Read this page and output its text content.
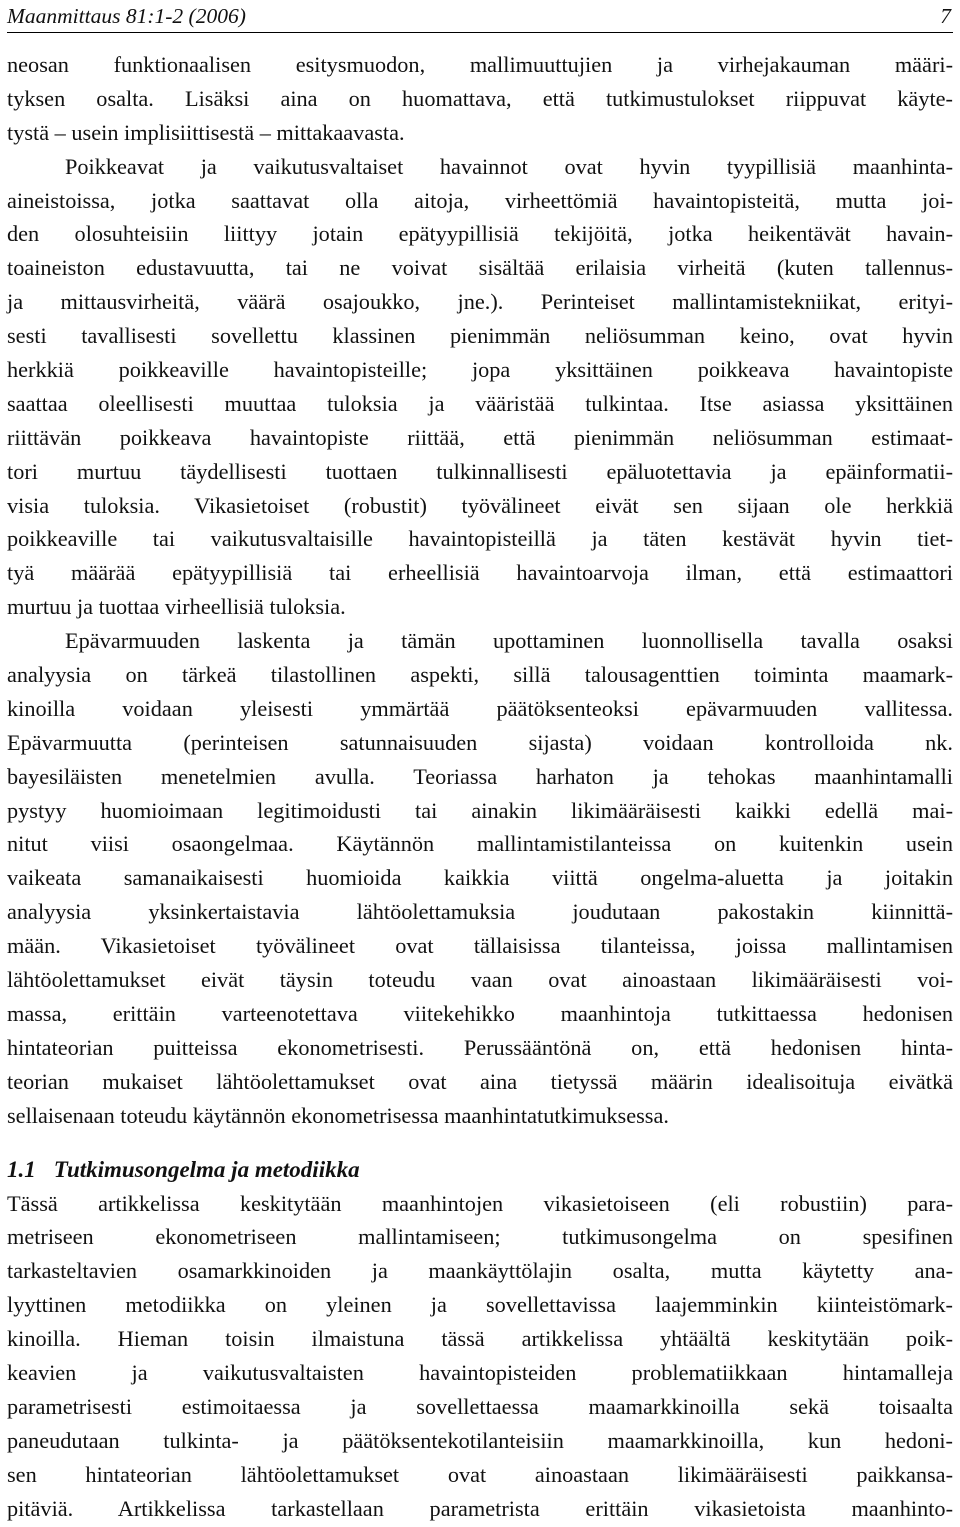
Maanmittaus 81:1-2 (2006)	7
neosan funktionaalisen esitysmuodon, mallimuuttujien ja virhejakauman määri-
tyksen osalta. Lisäksi aina on huomattava, että tutkimustulokset riippuvat käyte-
tystä – usein implisiittisestä – mittakaavasta.
Poikkeavat ja vaikutusvaltaiset havainnot ovat hyvin tyypillisiä maanhinta-
aineistoissa, jotka saattavat olla aitoja, virheettömiä havaintopisteitä, mutta joi-
den olosuhteisiin liittyy jotain epätyypillisiä tekijöitä, jotka heikentävät havain-
toaineiston edustavuutta, tai ne voivat sisältää erilaisia virheitä (kuten tallennus-
ja mittausvirheitä, väärä osajoukko, jne.). Perinteiset mallintamistekniikat, erityi-
sesti tavallisesti sovellettu klassinen pienimmän neliösumman keino, ovat hyvin
herkkiä poikkeaville havaintopisteille; jopa yksittäinen poikkeava havaintopiste
saattaa oleellisesti muuttaa tuloksia ja vääristää tulkintaa. Itse asiassa yksittäinen
riittävän poikkeava havaintopiste riittää, että pienimmän neliösumman estimaat-
tori murtuu täydellisesti tuottaen tulkinnallisesti epäluotettavia ja epäinformatii-
visia tuloksia. Vikasietoiset (robustit) työvälineet eivät sen sijaan ole herkkiä
poikkeaville tai vaikutusvaltaisille havaintopisteillä ja täten kestävät hyvin tiet-
tyä määrää epätyypillisiä tai erheellisiä havaintoarvoja ilman, että estimaattori
murtuu ja tuottaa virheellisiä tuloksia.
Epävarmuuden laskenta ja tämän upottaminen luonnollisella tavalla osaksi
analyysia on tärkeä tilastollinen aspekti, sillä talousagenttien toiminta maamark-
kinoilla voidaan yleisesti ymmärtää päätöksenteoksi epävarmuuden vallitessa.
Epävarmuutta (perinteisen satunnaisuuden sijasta) voidaan kontrolloida nk.
bayesiläisten menetelmien avulla. Teoriassa harhaton ja tehokas maanhintamalli
pystyy huomioimaan legitimoidusti tai ainakin likimääräisesti kaikki edellä mai-
nitut viisi osaongelmaa. Käytännön mallintamistilanteissa on kuitenkin usein
vaikeata samanaikaisesti huomioida kaikkia viittä ongelma-aluetta ja joitakin
analyysia yksinkertaistavia lähtöolettamuksia joudutaan pakostakin kiinnittä-
mään. Vikasietoiset työvälineet ovat tällaisissa tilanteissa, joissa mallintamisen
lähtöolettamukset eivät täysin toteudu vaan ovat ainoastaan likimääräisesti voi-
massa, erittäin varteenotettava viitekehikko maanhintoja tutkittaessa hedonisen
hintateorian puitteissa ekonometrisesti. Perussääntönä on, että hedonisen hinta-
teorian mukaiset lähtöolettamukset ovat aina tietyssä määrin idealisoituja eivätkä
sellaisenaan toteudu käytännön ekonometrisessa maanhintatutkimuksessa.
1.1 Tutkimusongelma ja metodiikka
Tässä artikkelissa keskitytään maanhintojen vikasietoiseen (eli robustiin) para-
metriseen ekonometriseen mallintamiseen; tutkimusongelma on spesifinen
tarkasteltavien osamarkkinoiden ja maankäyttölajin osalta, mutta käytetty ana-
lyyttinen metodiikka on yleinen ja sovellettavissa laajemminkin kiinteistömark-
kinoilla. Hieman toisin ilmaistuna tässä artikkelissa yhtäältä keskitytään poik-
keavien ja vaikutusvaltaisten havaintopisteiden problematiikkaan hintamalleja
parametrisesti estimoitaessa ja sovellettaessa maamarkkinoilla sekä toisaalta
paneudutaan tulkinta- ja päätöksentekotilanteisiin maamarkkinoilla, kun hedoni-
sen hintateorian lähtöolettamukset ovat ainoastaan likimääräisesti paikkansa-
pitäviä. Artikkelissa tarkastellaan parametrista erittäin vikasietoista maanhinto-
